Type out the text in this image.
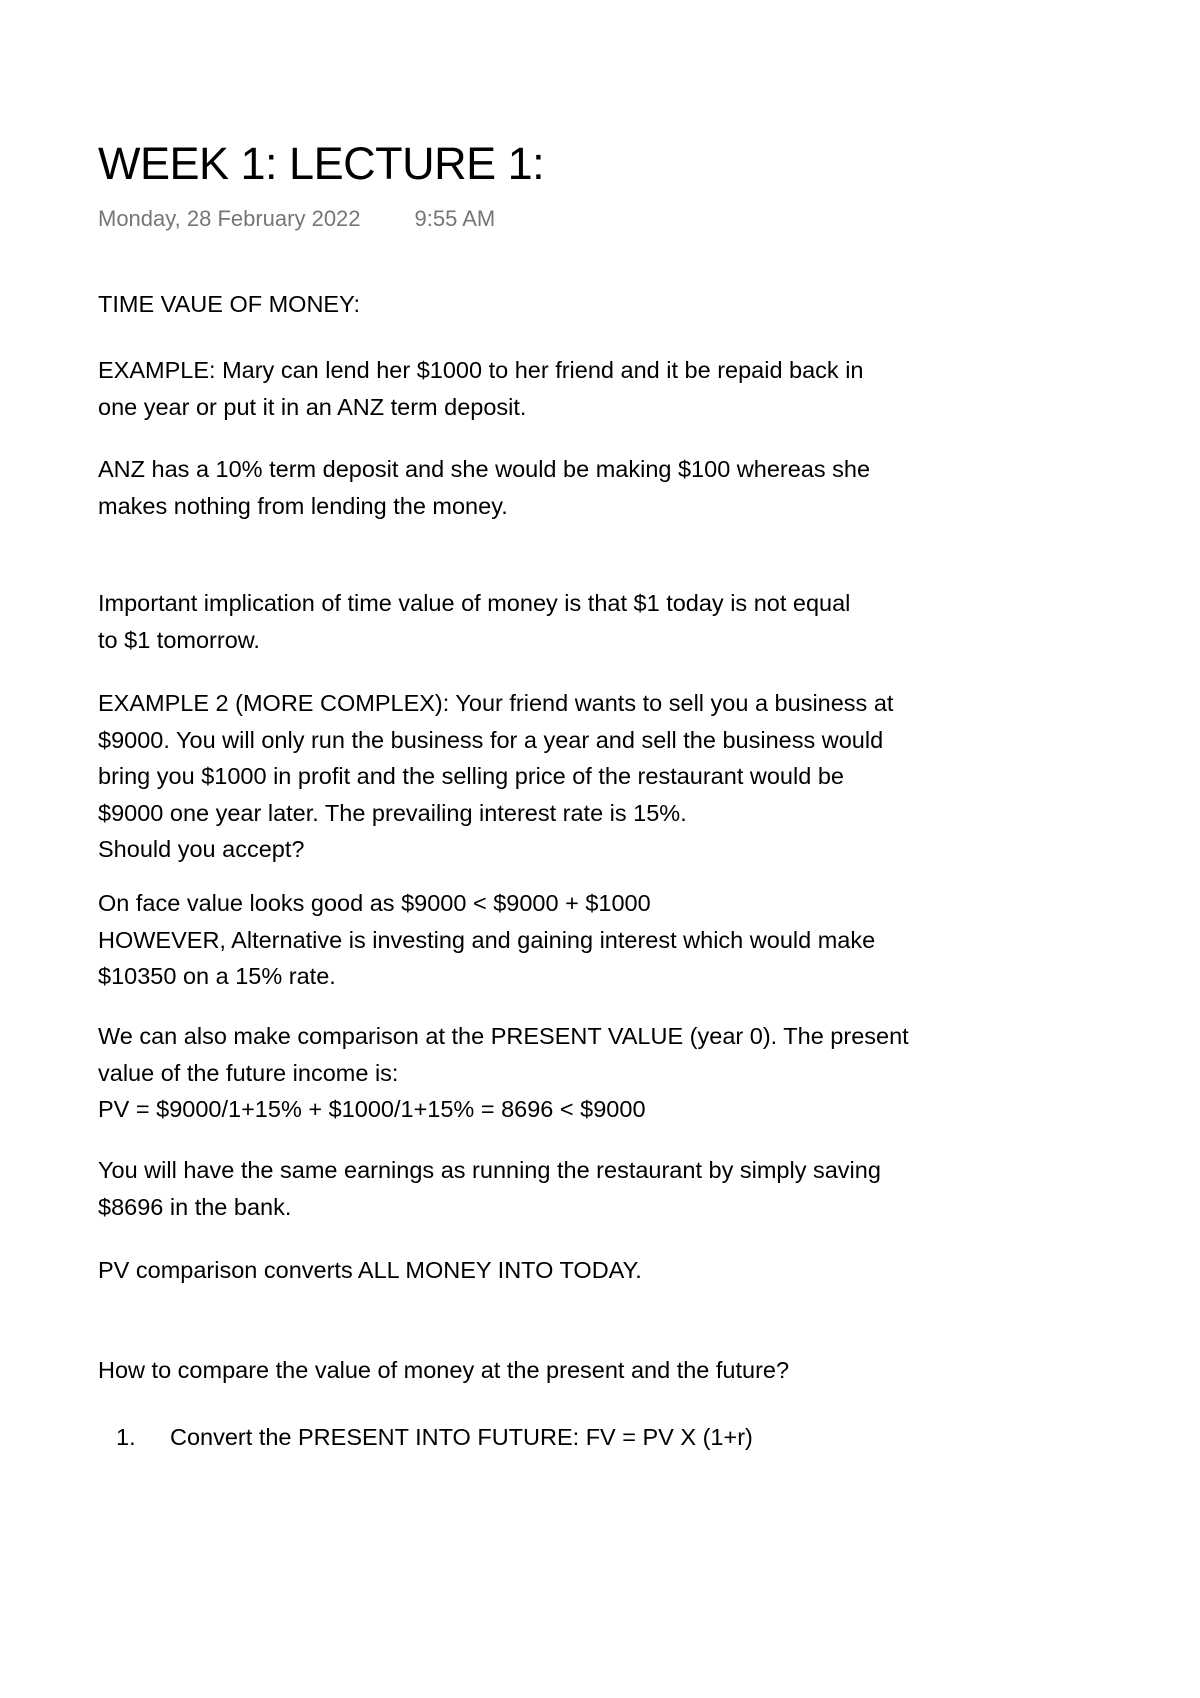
WEEK 1: LECTURE 1:
Monday, 28 February 2022 9:55 AM
TIME VAUE OF MONEY:
EXAMPLE: Mary can lend her $1000 to her friend and it be repaid back in
one year or put it in an ANZ term deposit.
ANZ has a 10% term deposit and she would be making $100 whereas she
makes nothing from lending the money.
Important implication of time value of money is that $1 today is not equal
to $1 tomorrow.
EXAMPLE 2 (MORE COMPLEX): Your friend wants to sell you a business at
$9000. You will only run the business for a year and sell the business would
bring you $1000 in profit and the selling price of the restaurant would be
$9000 one year later. The prevailing interest rate is 15%.
Should you accept?
On face value looks good as $9000 < $9000 + $1000
HOWEVER, Alternative is investing and gaining interest which would make
$10350 on a 15% rate.
We can also make comparison at the PRESENT VALUE (year 0). The present
value of the future income is:
PV = $9000/1+15% + $1000/1+15% = 8696 < $9000
You will have the same earnings as running the restaurant by simply saving
$8696 in the bank.
PV comparison converts ALL MONEY INTO TODAY.
How to compare the value of money at the present and the future?
1. Convert the PRESENT INTO FUTURE: FV = PV X (1+r)
